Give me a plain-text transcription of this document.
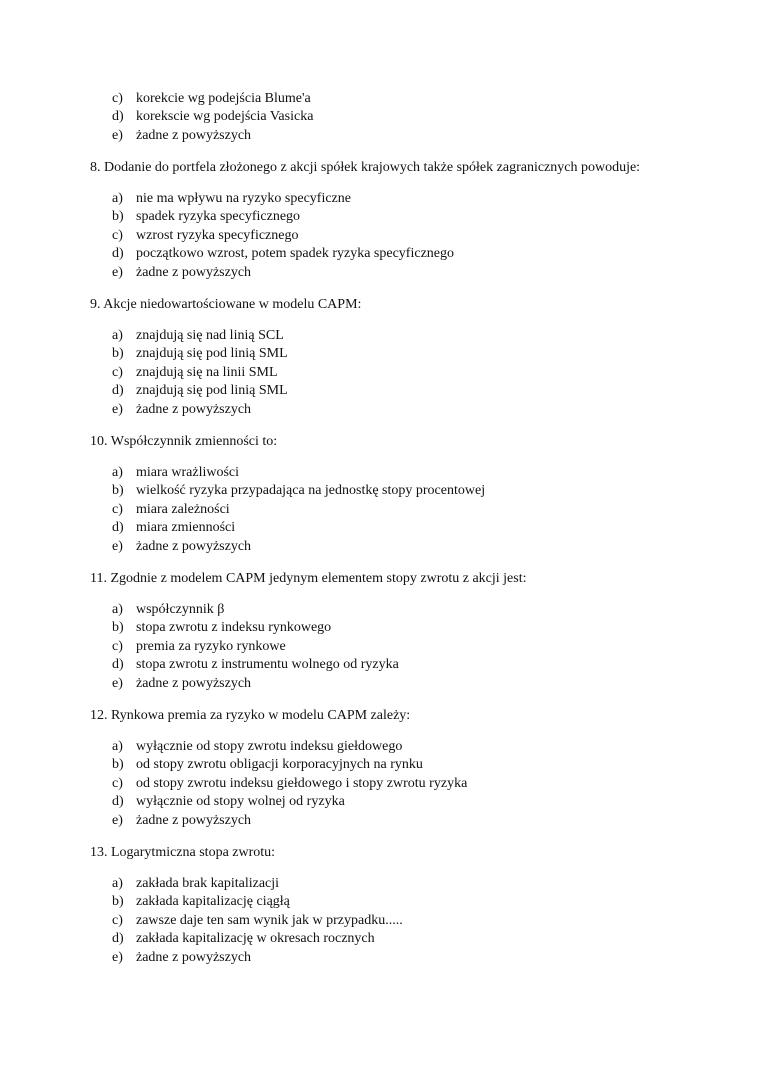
c) korekcie wg podejścia Blume'a
d) korekscie wg podejścia Vasicka
e) żadne z powyższych
8. Dodanie do portfela złożonego z akcji spółek krajowych także spółek zagranicznych powoduje:
a) nie ma wpływu na ryzyko specyficzne
b) spadek ryzyka specyficznego
c) wzrost ryzyka specyficznego
d) początkowo wzrost, potem spadek ryzyka specyficznego
e) żadne z powyższych
9. Akcje niedowartościowane w modelu CAPM:
a) znajdują się nad linią SCL
b) znajdują się pod linią SML
c) znajdują się na linii SML
d) znajdują się pod linią SML
e) żadne z powyższych
10. Współczynnik zmienności to:
a) miara wrażliwości
b) wielkość ryzyka przypadająca na jednostkę stopy procentowej
c) miara zależności
d) miara zmienności
e) żadne z powyższych
11. Zgodnie z modelem CAPM jedynym elementem stopy zwrotu z akcji jest:
a) współczynnik β
b) stopa zwrotu z indeksu rynkowego
c) premia za ryzyko rynkowe
d) stopa zwrotu z instrumentu wolnego od ryzyka
e) żadne z powyższych
12. Rynkowa premia za ryzyko w modelu CAPM zależy:
a) wyłącznie od stopy zwrotu indeksu giełdowego
b) od stopy zwrotu obligacji korporacyjnych na rynku
c) od stopy zwrotu indeksu giełdowego i stopy zwrotu ryzyka
d) wyłącznie od stopy wolnej od ryzyka
e) żadne z powyższych
13. Logarytmiczna stopa zwrotu:
a) zakłada brak kapitalizacji
b) zakłada kapitalizację ciągłą
c) zawsze daje ten sam wynik jak w przypadku.....
d) zakłada kapitalizację w okresach rocznych
e) żadne z powyższych
